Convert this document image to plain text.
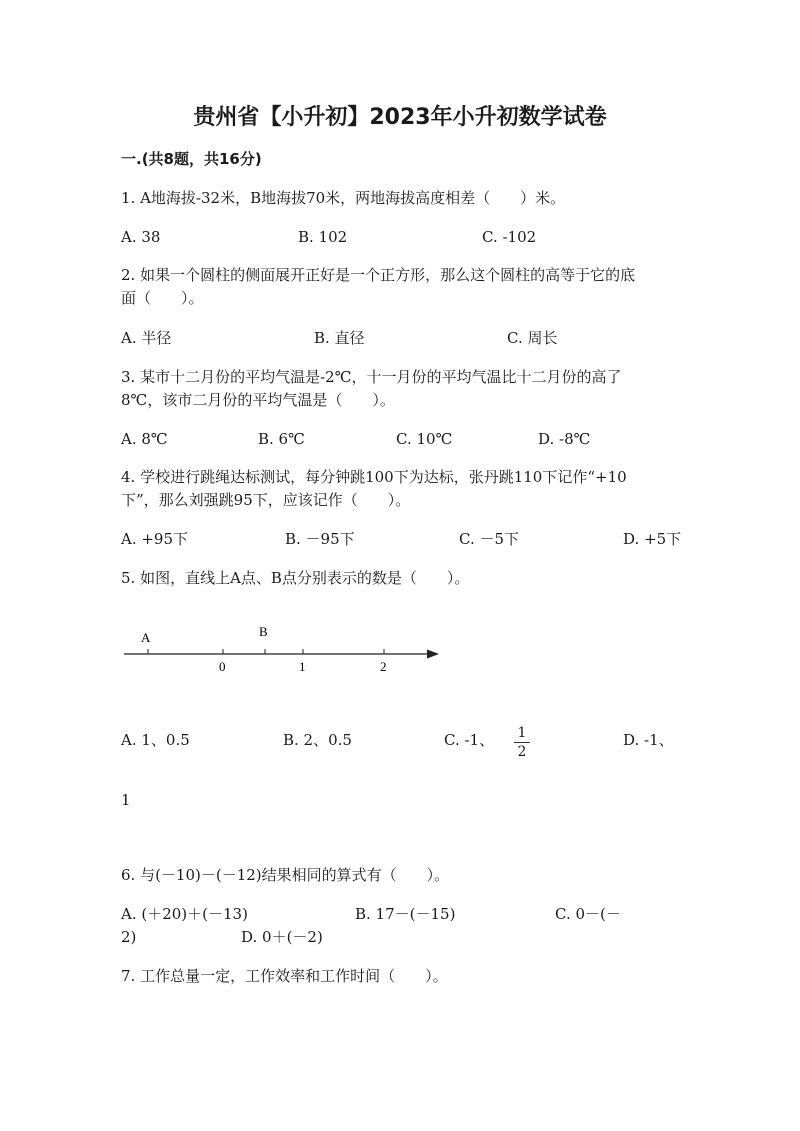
贵州省【小升初】2023年小升初数学试卷
一.(共8题，共16分)
1. A地海拔-32米，B地海拔70米，两地海拔高度相差（　　）米。
A. 38	B. 102	C. -102
2. 如果一个圆柱的侧面展开正好是一个正方形，那么这个圆柱的高等于它的底
面（　　）。
A. 半径	B. 直径	C. 周长
3. 某市十二月份的平均气温是-2℃，十一月份的平均气温比十二月份的高了
8℃，该市二月份的平均气温是（　　）。
A. 8℃	B. 6℃	C. 10℃	D. -8℃
4. 学校进行跳绳达标测试，每分钟跳100下为达标，张丹跳110下记作“+10
下”，那么刘强跳95下，应该记作（　　）。
A. +95下	B. －95下	C. －5下	D. +5下
5. 如图，直线上A点、B点分别表示的数是（　　）。
A	B
0	1	2
A. 1、0.5	B. 2、0.5	C. -1、	1
2
D. -1、
1
6. 与(－10)－(－12)结果相同的算式有（　　）。
A. (＋20)＋(－13)	B. 17－(－15)	C. 0－(－
2)	D. 0＋(－2)
7. 工作总量一定，工作效率和工作时间（　　）。
